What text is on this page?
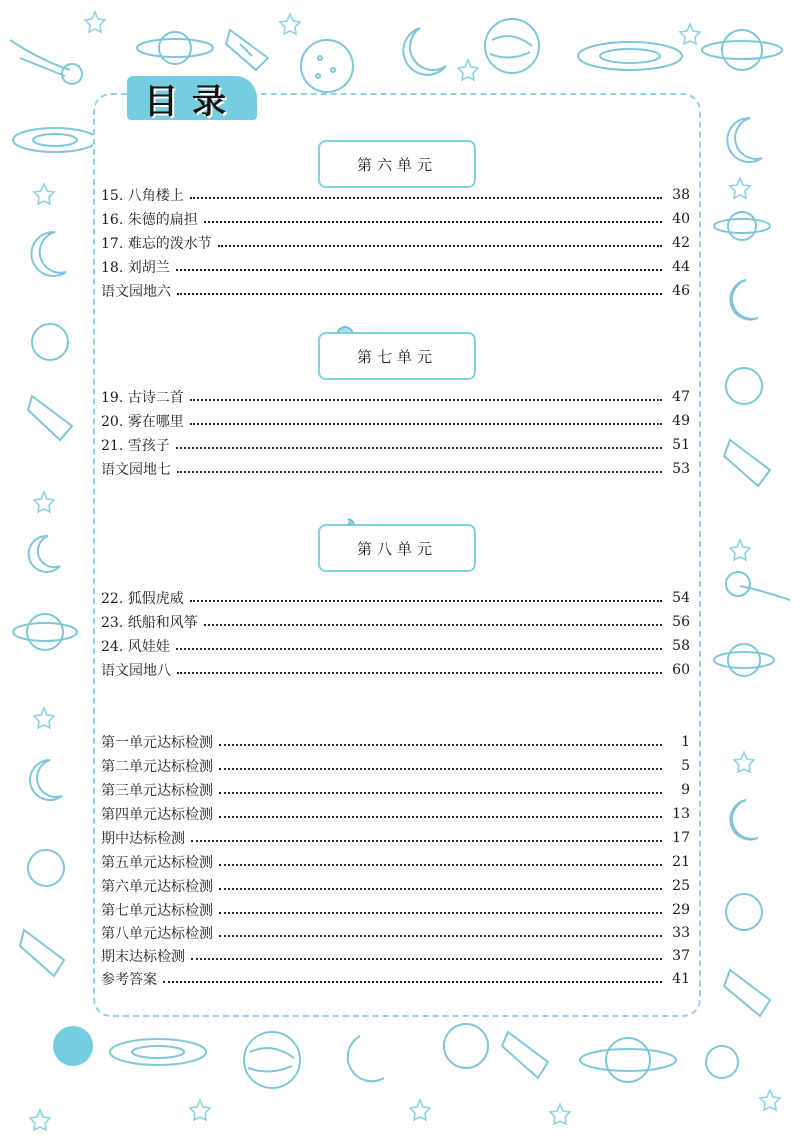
目录
第六单元
15. 八角楼上	38
16. 朱德的扁担	40
17. 难忘的泼水节	42
18. 刘胡兰	44
语文园地六	46
第七单元
19. 古诗二首	47
20. 雾在哪里	49
21. 雪孩子	51
语文园地七	53
第八单元
22. 狐假虎威	54
23. 纸船和风筝	56
24. 风娃娃	58
语文园地八	60
第一单元达标检测	1
第二单元达标检测	5
第三单元达标检测	9
第四单元达标检测	13
期中达标检测	17
第五单元达标检测	21
第六单元达标检测	25
第七单元达标检测	29
第八单元达标检测	33
期末达标检测	37
参考答案	41
